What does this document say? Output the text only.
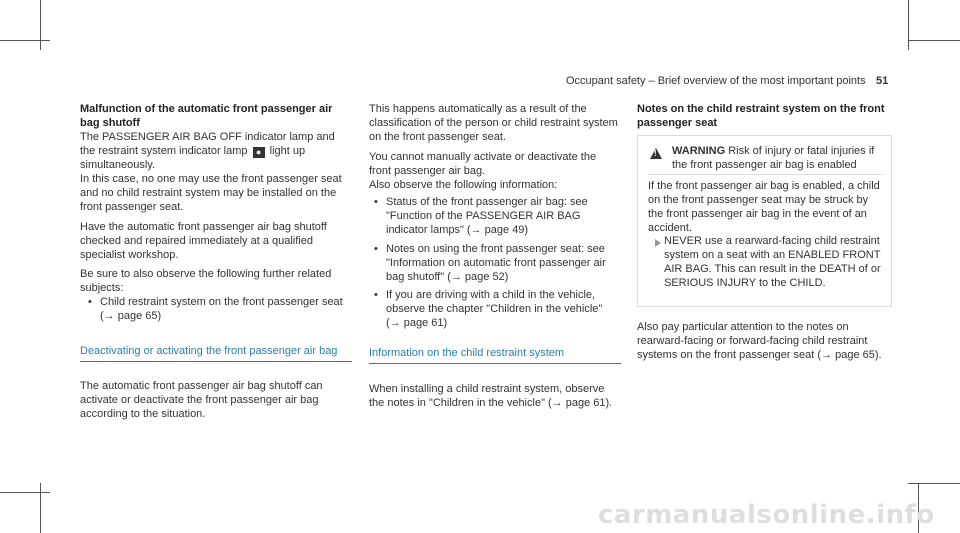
Occupant safety – Brief overview of the most important points 51
Malfunction of the automatic front passenger air bag shutoff
The PASSENGER AIR BAG OFF indicator lamp and the restraint system indicator lamp ● light up simultaneously.
In this case, no one may use the front passenger seat and no child restraint system may be installed on the front passenger seat.
Have the automatic front passenger air bag shutoff checked and repaired immediately at a qualified specialist workshop.
Be sure to also observe the following further related subjects:
• Child restraint system on the front passenger seat (→ page 65)
Deactivating or activating the front passenger air bag
The automatic front passenger air bag shutoff can activate or deactivate the front passenger air bag according to the situation.
This happens automatically as a result of the classification of the person or child restraint system on the front passenger seat.
You cannot manually activate or deactivate the front passenger air bag.
Also observe the following information:
• Status of the front passenger air bag: see "Function of the PASSENGER AIR BAG indicator lamps" (→ page 49)
• Notes on using the front passenger seat: see "Information on automatic front passenger air bag shutoff" (→ page 52)
• If you are driving with a child in the vehicle, observe the chapter "Children in the vehicle" (→ page 61)
Information on the child restraint system
When installing a child restraint system, observe the notes in "Children in the vehicle" (→ page 61).
Notes on the child restraint system on the front passenger seat
!
WARNING Risk of injury or fatal injuries if the front passenger air bag is enabled
If the front passenger air bag is enabled, a child on the front passenger seat may be struck by the front passenger air bag in the event of an accident.
NEVER use a rearward-facing child restraint system on a seat with an ENABLED FRONT AIR BAG. This can result in the DEATH of or SERIOUS INJURY to the CHILD.
Also pay particular attention to the notes on rearward-facing or forward-facing child restraint systems on the front passenger seat (→ page 65).
carmanualsonline.info
